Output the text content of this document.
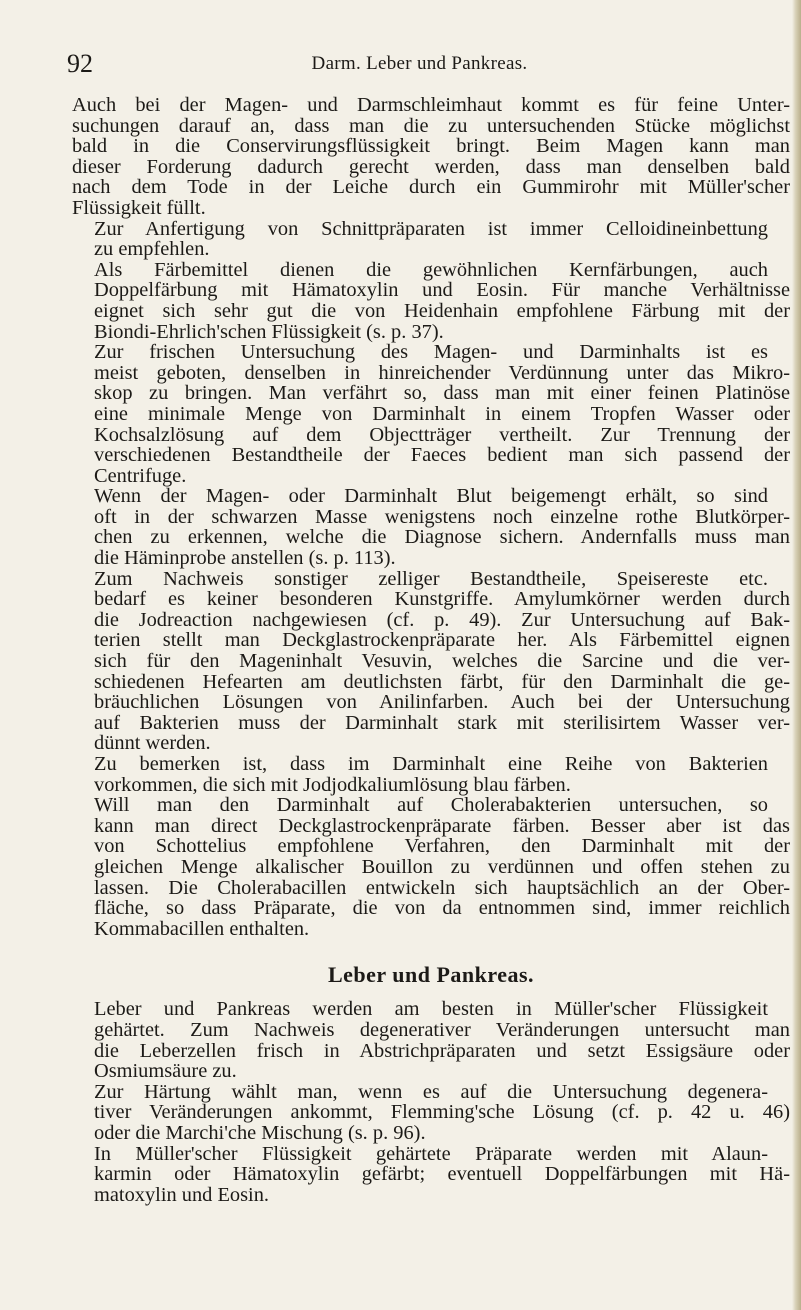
92	Darm. Leber und Pankreas.
Auch bei der Magen- und Darmschleimhaut kommt es für feine Unter-
suchungen darauf an, dass man die zu untersuchenden Stücke möglichst
bald in die Conservirungsflüssigkeit bringt. Beim Magen kann man
dieser Forderung dadurch gerecht werden, dass man denselben bald
nach dem Tode in der Leiche durch ein Gummirohr mit Müller'scher
Flüssigkeit füllt.
Zur Anfertigung von Schnittpräparaten ist immer Celloidineinbettung
zu empfehlen.
Als Färbemittel dienen die gewöhnlichen Kernfärbungen, auch
Doppelfärbung mit Hämatoxylin und Eosin. Für manche Verhältnisse
eignet sich sehr gut die von Heidenhain empfohlene Färbung mit der
Biondi-Ehrlich'schen Flüssigkeit (s. p. 37).
Zur frischen Untersuchung des Magen- und Darminhalts ist es
meist geboten, denselben in hinreichender Verdünnung unter das Mikro-
skop zu bringen. Man verfährt so, dass man mit einer feinen Platinöse
eine minimale Menge von Darminhalt in einem Tropfen Wasser oder
Kochsalzlösung auf dem Objectträger vertheilt. Zur Trennung der
verschiedenen Bestandtheile der Faeces bedient man sich passend der
Centrifuge.
Wenn der Magen- oder Darminhalt Blut beigemengt erhält, so sind
oft in der schwarzen Masse wenigstens noch einzelne rothe Blutkörper-
chen zu erkennen, welche die Diagnose sichern. Andernfalls muss man
die Häminprobe anstellen (s. p. 113).
Zum Nachweis sonstiger zelliger Bestandtheile, Speisereste etc.
bedarf es keiner besonderen Kunstgriffe. Amylumkörner werden durch
die Jodreaction nachgewiesen (cf. p. 49). Zur Untersuchung auf Bak-
terien stellt man Deckglastrockenpräparate her. Als Färbemittel eignen
sich für den Mageninhalt Vesuvin, welches die Sarcine und die ver-
schiedenen Hefearten am deutlichsten färbt, für den Darminhalt die ge-
bräuchlichen Lösungen von Anilinfarben. Auch bei der Untersuchung
auf Bakterien muss der Darminhalt stark mit sterilisirtem Wasser ver-
dünnt werden.
Zu bemerken ist, dass im Darminhalt eine Reihe von Bakterien
vorkommen, die sich mit Jodjodkaliumlösung blau färben.
Will man den Darminhalt auf Cholerabakterien untersuchen, so
kann man direct Deckglastrockenpräparate färben. Besser aber ist das
von Schottelius empfohlene Verfahren, den Darminhalt mit der
gleichen Menge alkalischer Bouillon zu verdünnen und offen stehen zu
lassen. Die Cholerabacillen entwickeln sich hauptsächlich an der Ober-
fläche, so dass Präparate, die von da entnommen sind, immer reichlich
Kommabacillen enthalten.
Leber und Pankreas.
Leber und Pankreas werden am besten in Müller'scher Flüssigkeit
gehärtet. Zum Nachweis degenerativer Veränderungen untersucht man
die Leberzellen frisch in Abstrichpräparaten und setzt Essigsäure oder
Osmiumsäure zu.
Zur Härtung wählt man, wenn es auf die Untersuchung degenera-
tiver Veränderungen ankommt, Flemming'sche Lösung (cf. p. 42 u. 46)
oder die Marchi'che Mischung (s. p. 96).
In Müller'scher Flüssigkeit gehärtete Präparate werden mit Alaun-
karmin oder Hämatoxylin gefärbt; eventuell Doppelfärbungen mit Hä-
matoxylin und Eosin.
